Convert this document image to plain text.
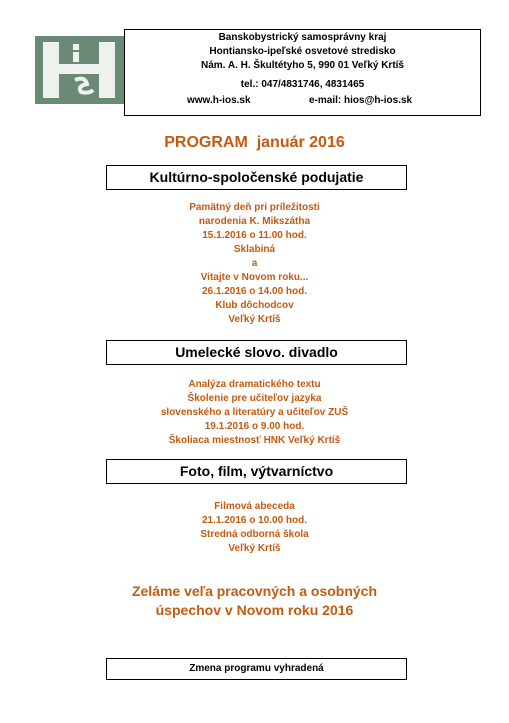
Banskobystrický samosprávny kraj
Hontiansko-ipeľské osvetové stredisko
Nám. A. H. Škultétyho 5, 990 01 Veľký Krtíš
tel.: 047/4831746, 4831465
www.h-ios.sk	e-mail: hios@h-ios.sk
PROGRAM  január 2016
Kultúrno-spoločenské podujatie
Pamätný deň pri príležitosti
narodenia K. Mikszátha
15.1.2016 o 11.00 hod.
Sklabiná
a
Vitajte v Novom roku...
26.1.2016 o 14.00 hod.
Klub dôchodcov
Veľký Krtíš
Umelecké slovo. divadlo
Analýza dramatického textu
Školenie pre učiteľov jazyka
slovenského a literatúry a učiteľov ZUŠ
19.1.2016 o 9.00 hod.
Školiaca miestnosť HNK Veľký Krtíš
Foto, film, výtvarníctvo
Filmová abeceda
21.1.2016 o 10.00 hod.
Stredná odborná škola
Veľký Krtíš
Zeláme veľa pracovných a osobných
úspechov v Novom roku 2016
Zmena programu vyhradená
